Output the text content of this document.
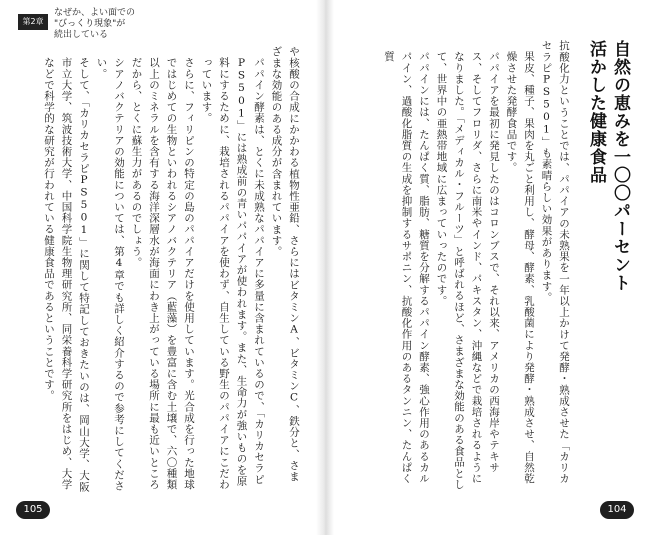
第2章
なぜか、よい面での
"びっくり現象"が
続出している
自然の恵みを一〇〇パーセント
活かした健康食品

抗酸化力ということでは、パパイアの未熟果を一年以上かけて発酵・熟成させた「カリカセラピPS501」も素晴らしい効果があります。

果皮、種子、果肉を丸ごと利用し、酵母、酵素、乳酸菌により発酵・熟成させ、自然乾燥させた発酵食品です。

パパイアを最初に発見したのはコロンブスで、それ以来、アメリカの西海岸やテキサス、そしてフロリダ、さらに南米やインド、パキスタン、沖縄などで栽培されるようになりました。「メディカル・フルーツ」と呼ばれるほど、さまざまな効能のある食品として、世界中の亜熱帯地域に広まっていったのです。

パパインには、たんぱく質、脂肪、糖質を分解するパパイン酵素、強心作用のあるカルパイン、過酸化脂質の生成を抑制するサポニン、抗酸化作用のあるタンニン、たんぱく質

や核酸の合成にかかわる植物性亜鉛、さらにはビタミンA、ビタミンC、鉄分と、さまざまな効能のある成分が含まれています。

パパイン酵素は、とくに未成熟なパパイアに多量に含まれているので、「カリカセラピPS501」には熟成前の青いパパイアが使われます。また、生命力が強いものを原料にするために、栽培されるパパイアを使わず、自生している野生のパパイアにこだわっています。

さらに、フィリピンの特定の島のパパイアだけを使用しています。光合成を行った地球ではじめての生物といわれるシアノバクテリア（藍藻）を豊富に含む土壌で、六〇種類以上のミネラルを含有する海洋深層水が海面にわき上がっている場所に最も近いところだから、とくに蘇生力があるのでしょう。

シアノバクテリアの効能については、第4章でも詳しく紹介するので参考にしてください。

そして、「カリカセラピPS501」に関して特記しておきたいのは、岡山大学、大阪市立大学、筑波技術大学、中国科学院生物理研究所、同栄養科学研究所をはじめ、大学などで科学的な研究が行われている健康食品であるということです。

105	104
